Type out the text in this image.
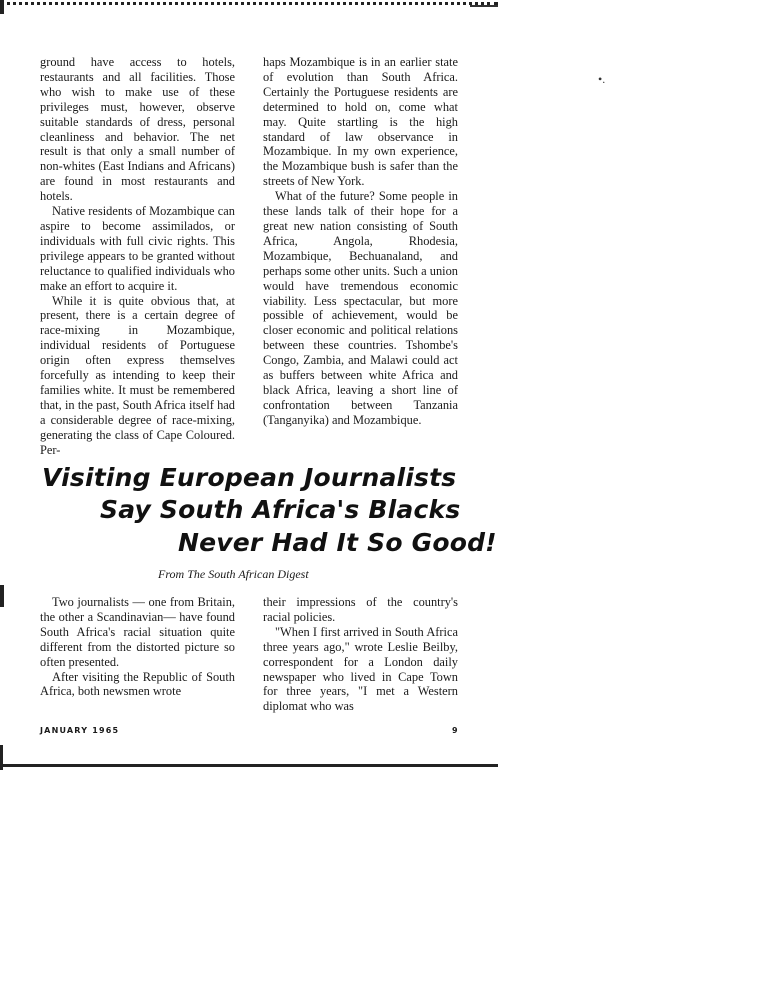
•.

ground have access to hotels, restaurants and all facilities. Those who wish to make use of these privileges must, however, observe suitable standards of dress, personal cleanliness and behavior. The net result is that only a small number of non-whites (East Indians and Africans) are found in most restaurants and hotels.

Native residents of Mozambique can aspire to become assimilados, or individuals with full civic rights. This privilege appears to be granted without reluctance to qualified individuals who make an effort to acquire it.

While it is quite obvious that, at present, there is a certain degree of race-mixing in Mozambique, individual residents of Portuguese origin often express themselves forcefully as intending to keep their families white. It must be remembered that, in the past, South Africa itself had a considerable degree of race-mixing, generating the class of Cape Coloured. Per-

haps Mozambique is in an earlier state of evolution than South Africa. Certainly the Portuguese residents are determined to hold on, come what may. Quite startling is the high standard of law observance in Mozambique. In my own experience, the Mozambique bush is safer than the streets of New York.

What of the future? Some people in these lands talk of their hope for a great new nation consisting of South Africa, Angola, Rhodesia, Mozambique, Bechuanaland, and perhaps some other units. Such a union would have tremendous economic viability. Less spectacular, but more possible of achievement, would be closer economic and political relations between these countries. Tshombe's Congo, Zambia, and Malawi could act as buffers between white Africa and black Africa, leaving a short line of confrontation between Tanzania (Tanganyika) and Mozambique.

Visiting European Journalists
Say South Africa's Blacks
Never Had It So Good!
From The South African Digest

Two journalists — one from Britain, the other a Scandinavian— have found South Africa's racial situation quite different from the distorted picture so often presented.

After visiting the Republic of South Africa, both newsmen wrote

their impressions of the country's racial policies.

"When I first arrived in South Africa three years ago," wrote Leslie Beilby, correspondent for a London daily newspaper who lived in Cape Town for three years, "I met a Western diplomat who was

JANUARY 1965	9
